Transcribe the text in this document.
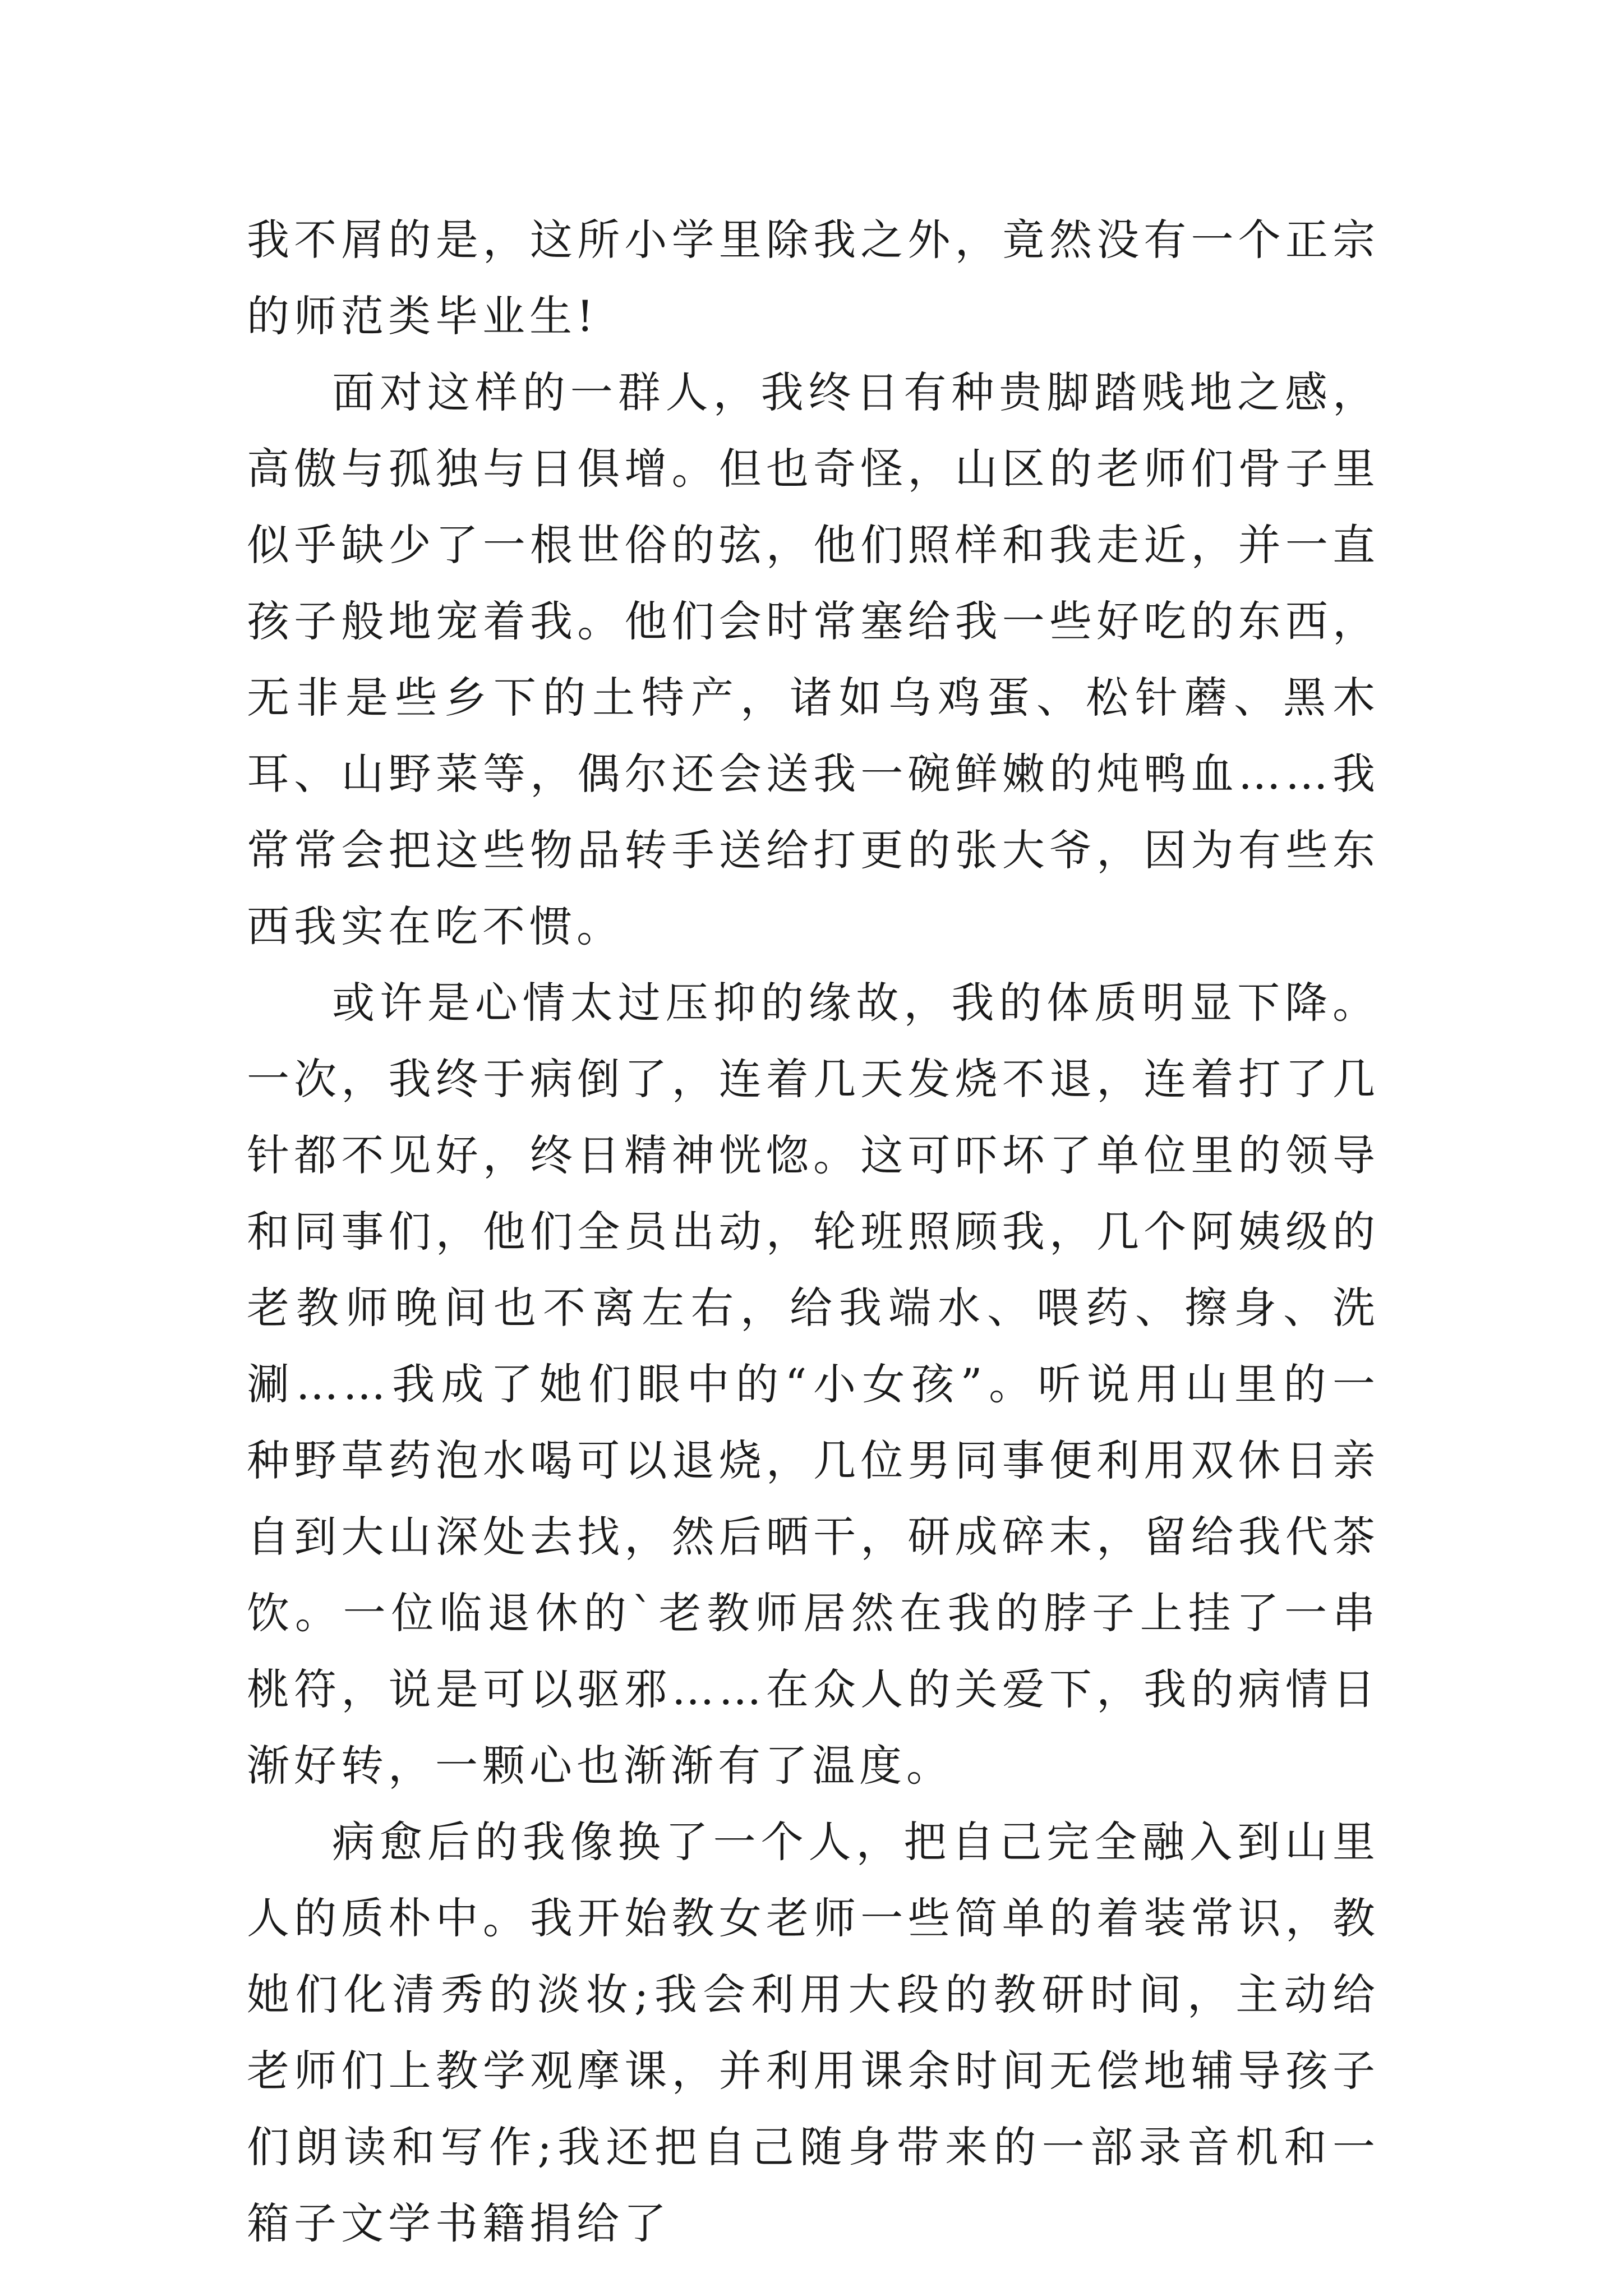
我不屑的是，这所小学里除我之外，竟然没有一个正宗的师范类毕业生!

面对这样的一群人，我终日有种贵脚踏贱地之感，高傲与孤独与日俱增。但也奇怪，山区的老师们骨子里似乎缺少了一根世俗的弦，他们照样和我走近，并一直孩子般地宠着我。他们会时常塞给我一些好吃的东西，无非是些乡下的土特产，诸如乌鸡蛋、松针蘑、黑木耳、山野菜等，偶尔还会送我一碗鲜嫩的炖鸭血……我常常会把这些物品转手送给打更的张大爷，因为有些东西我实在吃不惯。

或许是心情太过压抑的缘故，我的体质明显下降。一次，我终于病倒了，连着几天发烧不退，连着打了几针都不见好，终日精神恍惚。这可吓坏了单位里的领导和同事们，他们全员出动，轮班照顾我，几个阿姨级的老教师晚间也不离左右，给我端水、喂药、擦身、洗涮……我成了她们眼中的“小女孩”。听说用山里的一种野草药泡水喝可以退烧，几位男同事便利用双休日亲自到大山深处去找，然后晒干，研成碎末，留给我代茶饮。一位临退休的`老教师居然在我的脖子上挂了一串桃符，说是可以驱邪……在众人的关爱下，我的病情日渐好转，一颗心也渐渐有了温度。

病愈后的我像换了一个人，把自己完全融入到山里人的质朴中。我开始教女老师一些简单的着装常识，教她们化清秀的淡妆;我会利用大段的教研时间，主动给老师们上教学观摩课，并利用课余时间无偿地辅导孩子们朗读和写作;我还把自己随身带来的一部录音机和一箱子文学书籍捐给了
